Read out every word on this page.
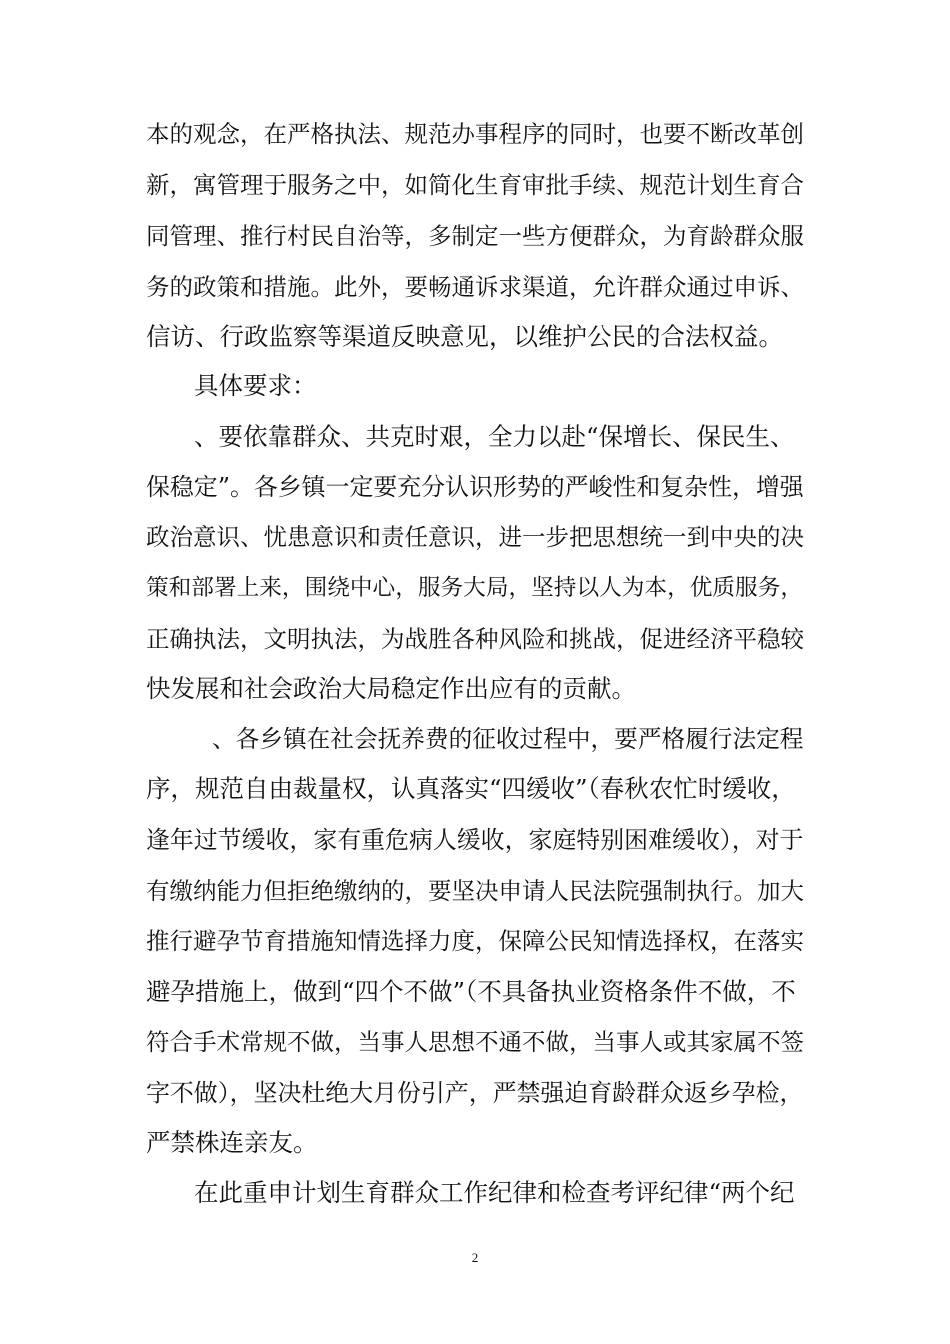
本的观念，在严格执法、规范办事程序的同时，也要不断改革创
新，寓管理于服务之中，如简化生育审批手续、规范计划生育合
同管理、推行村民自治等，多制定一些方便群众，为育龄群众服
务的政策和措施。此外，要畅通诉求渠道，允许群众通过申诉、
信访、行政监察等渠道反映意见，以维护公民的合法权益。
具体要求：
、要依靠群众、共克时艰，全力以赴“保增长、保民生、
保稳定”。各乡镇一定要充分认识形势的严峻性和复杂性，增强
政治意识、忧患意识和责任意识，进一步把思想统一到中央的决
策和部署上来，围绕中心，服务大局，坚持以人为本，优质服务，
正确执法，文明执法，为战胜各种风险和挑战，促进经济平稳较
快发展和社会政治大局稳定作出应有的贡献。
、各乡镇在社会抚养费的征收过程中，要严格履行法定程
序，规范自由裁量权，认真落实“四缓收”（春秋农忙时缓收，
逢年过节缓收，家有重危病人缓收，家庭特别困难缓收），对于
有缴纳能力但拒绝缴纳的，要坚决申请人民法院强制执行。加大
推行避孕节育措施知情选择力度，保障公民知情选择权，在落实
避孕措施上，做到“四个不做”（不具备执业资格条件不做，不
符合手术常规不做，当事人思想不通不做，当事人或其家属不签
字不做），坚决杜绝大月份引产，严禁强迫育龄群众返乡孕检，
严禁株连亲友。
在此重申计划生育群众工作纪律和检查考评纪律“两个纪
2
